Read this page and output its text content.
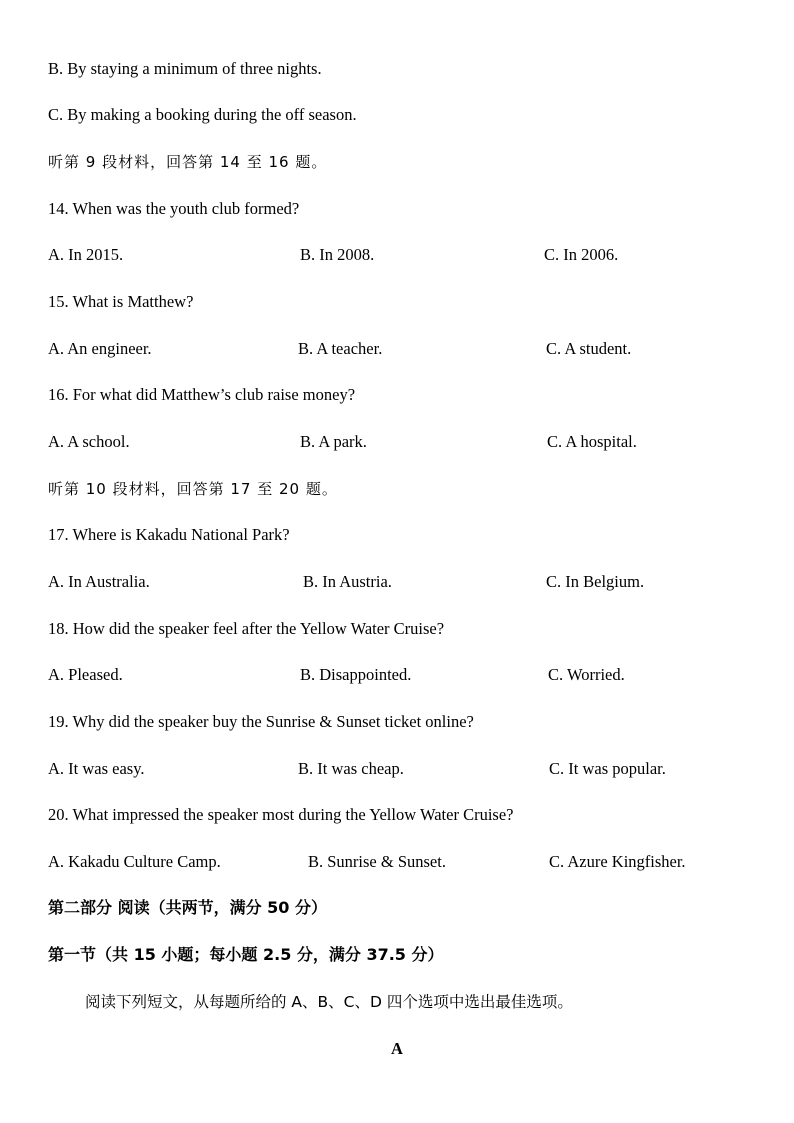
B. By staying a minimum of three nights.
C. By making a booking during the off season.
听第 9 段材料，回答第 14 至 16 题。
14. When was the youth club formed?
A. In 2015.	B. In 2008.	C. In 2006.
15. What is Matthew?
A. An engineer.	B. A teacher.	C. A student.
16. For what did Matthew’s club raise money?
A. A school.	B. A park.	C. A hospital.
听第 10 段材料，回答第 17 至 20 题。
17. Where is Kakadu National Park?
A. In Australia.	B. In Austria.	C. In Belgium.
18. How did the speaker feel after the Yellow Water Cruise?
A. Pleased.	B. Disappointed.	C. Worried.
19. Why did the speaker buy the Sunrise & Sunset ticket online?
A. It was easy.	B. It was cheap.	C. It was popular.
20. What impressed the speaker most during the Yellow Water Cruise?
A. Kakadu Culture Camp.	B. Sunrise & Sunset.	C. Azure Kingfisher.
第二部分 阅读（共两节，满分 50 分）
第一节（共 15 小题；每小题 2.5 分，满分 37.5 分）
阅读下列短文，从每题所给的 A、B、C、D 四个选项中选出最佳选项。
A
